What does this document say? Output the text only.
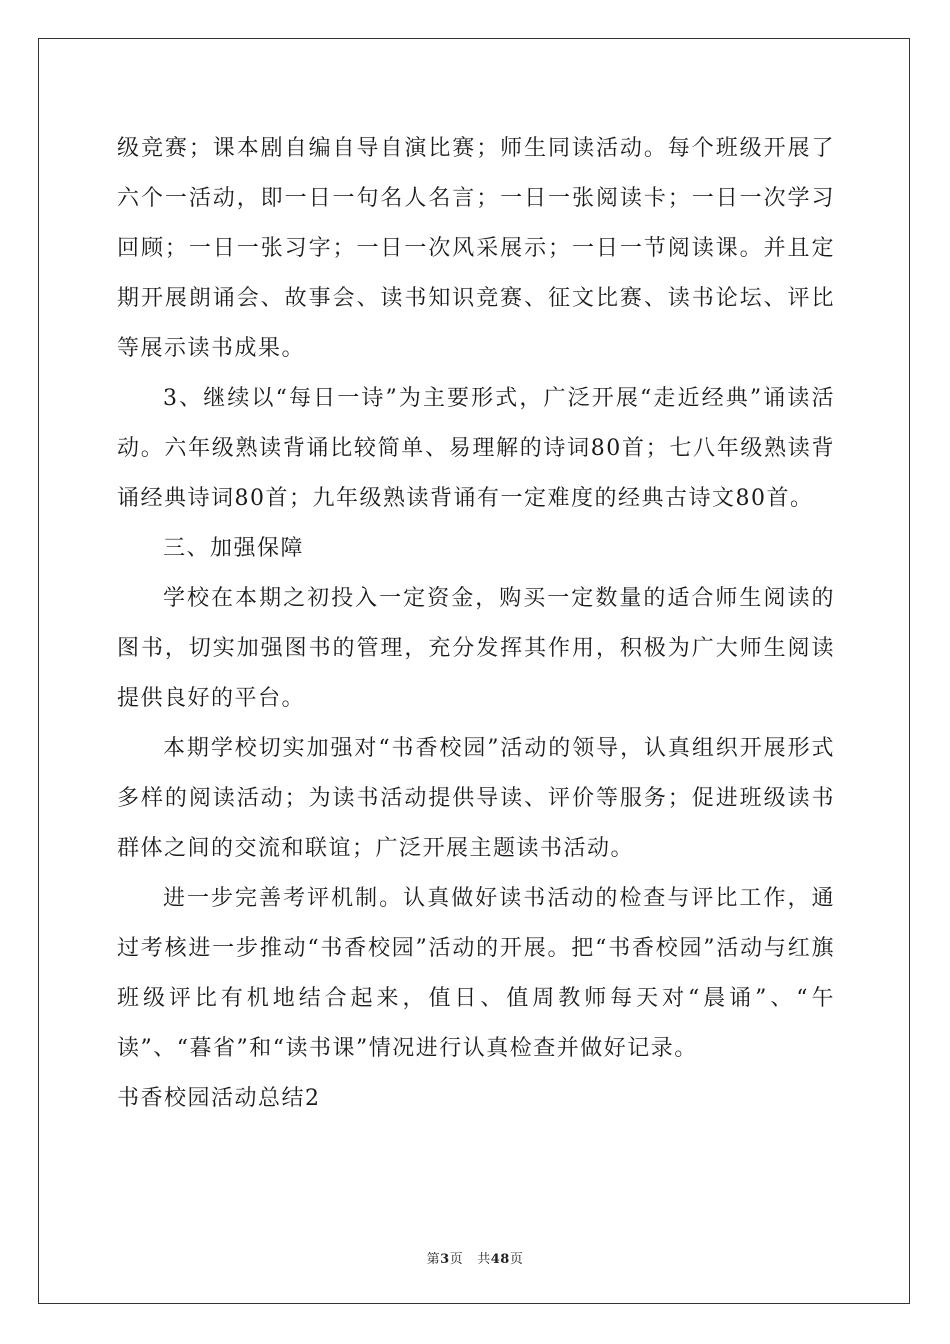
级竞赛；课本剧自编自导自演比赛；师生同读活动。每个班级开展了六个一活动，即一日一句名人名言；一日一张阅读卡；一日一次学习回顾；一日一张习字；一日一次风采展示；一日一节阅读课。并且定期开展朗诵会、故事会、读书知识竞赛、征文比赛、读书论坛、评比等展示读书成果。

3、继续以“每日一诗”为主要形式，广泛开展“走近经典”诵读活动。六年级熟读背诵比较简单、易理解的诗词80首；七八年级熟读背诵经典诗词80首；九年级熟读背诵有一定难度的经典古诗文80首。

三、加强保障

学校在本期之初投入一定资金，购买一定数量的适合师生阅读的图书，切实加强图书的管理，充分发挥其作用，积极为广大师生阅读提供良好的平台。

本期学校切实加强对“书香校园”活动的领导，认真组织开展形式多样的阅读活动；为读书活动提供导读、评价等服务；促进班级读书群体之间的交流和联谊；广泛开展主题读书活动。

进一步完善考评机制。认真做好读书活动的检查与评比工作，通过考核进一步推动“书香校园”活动的开展。把“书香校园”活动与红旗班级评比有机地结合起来，值日、值周教师每天对“晨诵”、“午读”、“暮省”和“读书课”情况进行认真检查并做好记录。

书香校园活动总结2

第3页 共48页
